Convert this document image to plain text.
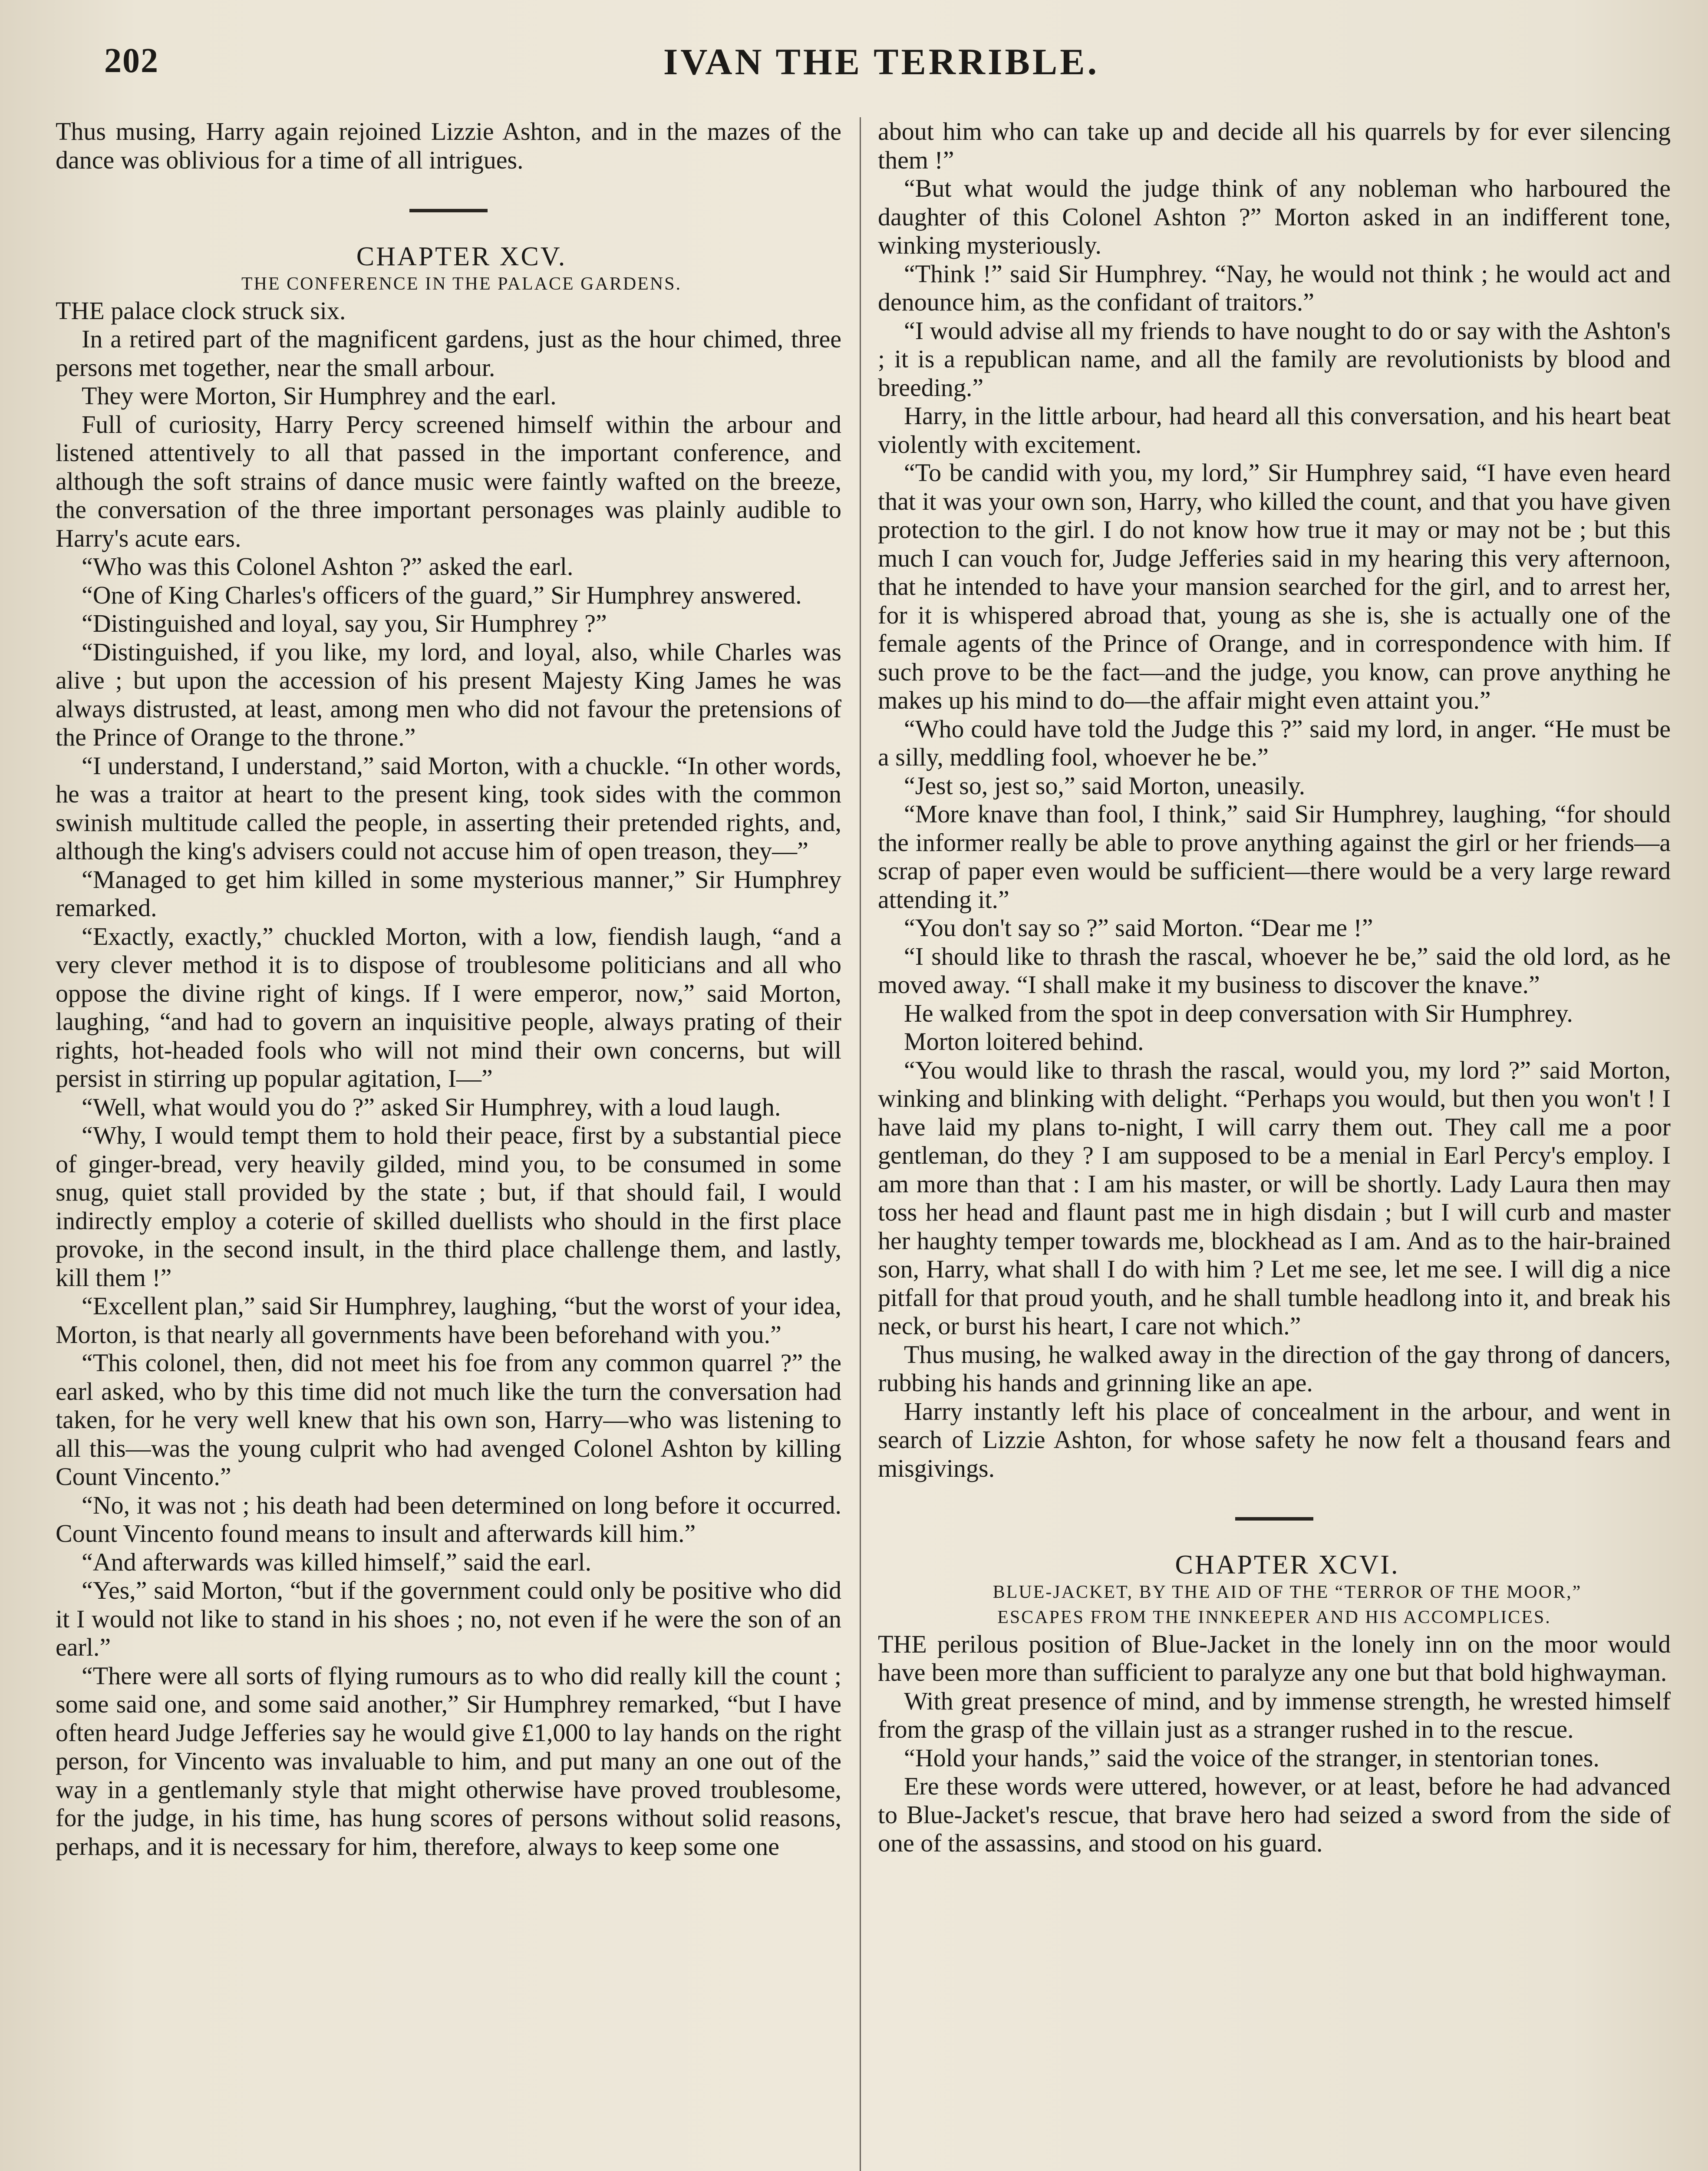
202	IVAN THE TERRIBLE.

Thus musing, Harry again rejoined Lizzie Ashton, and in the mazes of the dance was oblivious for a time of all intrigues.

CHAPTER XCV.

THE CONFERENCE IN THE PALACE GARDENS.

THE palace clock struck six.

In a retired part of the magnificent gardens, just as the hour chimed, three persons met together, near the small arbour.

They were Morton, Sir Humphrey and the earl.

Full of curiosity, Harry Percy screened himself within the arbour and listened attentively to all that passed in the important conference, and although the soft strains of dance music were faintly wafted on the breeze, the conversation of the three important personages was plainly audible to Harry's acute ears.

“Who was this Colonel Ashton ?” asked the earl.

“One of King Charles's officers of the guard,” Sir Humphrey answered.

“Distinguished and loyal, say you, Sir Humphrey ?”

“Distinguished, if you like, my lord, and loyal, also, while Charles was alive ; but upon the accession of his present Majesty King James he was always distrusted, at least, among men who did not favour the pretensions of the Prince of Orange to the throne.”

“I understand, I understand,” said Morton, with a chuckle. “In other words, he was a traitor at heart to the present king, took sides with the common swinish multitude called the people, in asserting their pretended rights, and, although the king's advisers could not accuse him of open treason, they—”

“Managed to get him killed in some mysterious manner,” Sir Humphrey remarked.

“Exactly, exactly,” chuckled Morton, with a low, fiendish laugh, “and a very clever method it is to dispose of troublesome politicians and all who oppose the divine right of kings. If I were emperor, now,” said Morton, laughing, “and had to govern an inquisitive people, always prating of their rights, hot-headed fools who will not mind their own concerns, but will persist in stirring up popular agitation, I—”

“Well, what would you do ?” asked Sir Humphrey, with a loud laugh.

“Why, I would tempt them to hold their peace, first by a substantial piece of ginger-bread, very heavily gilded, mind you, to be consumed in some snug, quiet stall provided by the state ; but, if that should fail, I would indirectly employ a coterie of skilled duellists who should in the first place provoke, in the second insult, in the third place challenge them, and lastly, kill them !”

“Excellent plan,” said Sir Humphrey, laughing, “but the worst of your idea, Morton, is that nearly all governments have been beforehand with you.”

“This colonel, then, did not meet his foe from any common quarrel ?” the earl asked, who by this time did not much like the turn the conversation had taken, for he very well knew that his own son, Harry—who was listening to all this—was the young culprit who had avenged Colonel Ashton by killing Count Vincento.”

“No, it was not ; his death had been determined on long before it occurred. Count Vincento found means to insult and afterwards kill him.”

“And afterwards was killed himself,” said the earl.

“Yes,” said Morton, “but if the government could only be positive who did it I would not like to stand in his shoes ; no, not even if he were the son of an earl.”

“There were all sorts of flying rumours as to who did really kill the count ; some said one, and some said another,” Sir Humphrey remarked, “but I have often heard Judge Jefferies say he would give £1,000 to lay hands on the right person, for Vincento was invaluable to him, and put many an one out of the way in a gentlemanly style that might otherwise have proved troublesome, for the judge, in his time, has hung scores of persons without solid reasons, perhaps, and it is necessary for him, therefore, always to keep some one

about him who can take up and decide all his quarrels by for ever silencing them !”

“But what would the judge think of any nobleman who harboured the daughter of this Colonel Ashton ?” Morton asked in an indifferent tone, winking mysteriously.

“Think !” said Sir Humphrey. “Nay, he would not think ; he would act and denounce him, as the confidant of traitors.”

“I would advise all my friends to have nought to do or say with the Ashton's ; it is a republican name, and all the family are revolutionists by blood and breeding.”

Harry, in the little arbour, had heard all this conversation, and his heart beat violently with excitement.

“To be candid with you, my lord,” Sir Humphrey said, “I have even heard that it was your own son, Harry, who killed the count, and that you have given protection to the girl. I do not know how true it may or may not be ; but this much I can vouch for, Judge Jefferies said in my hearing this very afternoon, that he intended to have your mansion searched for the girl, and to arrest her, for it is whispered abroad that, young as she is, she is actually one of the female agents of the Prince of Orange, and in correspondence with him. If such prove to be the fact—and the judge, you know, can prove anything he makes up his mind to do—the affair might even attaint you.”

“Who could have told the Judge this ?” said my lord, in anger. “He must be a silly, meddling fool, whoever he be.”

“Jest so, jest so,” said Morton, uneasily.

“More knave than fool, I think,” said Sir Humphrey, laughing, “for should the informer really be able to prove anything against the girl or her friends—a scrap of paper even would be sufficient—there would be a very large reward attending it.”

“You don't say so ?” said Morton. “Dear me !”

“I should like to thrash the rascal, whoever he be,” said the old lord, as he moved away. “I shall make it my business to discover the knave.”

He walked from the spot in deep conversation with Sir Humphrey.

Morton loitered behind.

“You would like to thrash the rascal, would you, my lord ?” said Morton, winking and blinking with delight. “Perhaps you would, but then you won't ! I have laid my plans to-night, I will carry them out. They call me a poor gentleman, do they ? I am supposed to be a menial in Earl Percy's employ. I am more than that : I am his master, or will be shortly. Lady Laura then may toss her head and flaunt past me in high disdain ; but I will curb and master her haughty temper towards me, blockhead as I am. And as to the hair-brained son, Harry, what shall I do with him ? Let me see, let me see. I will dig a nice pitfall for that proud youth, and he shall tumble headlong into it, and break his neck, or burst his heart, I care not which.”

Thus musing, he walked away in the direction of the gay throng of dancers, rubbing his hands and grinning like an ape.

Harry instantly left his place of concealment in the arbour, and went in search of Lizzie Ashton, for whose safety he now felt a thousand fears and misgivings.

CHAPTER XCVI.

BLUE-JACKET, BY THE AID OF THE “TERROR OF THE MOOR,”
ESCAPES FROM THE INNKEEPER AND HIS ACCOMPLICES.

THE perilous position of Blue-Jacket in the lonely inn on the moor would have been more than sufficient to paralyze any one but that bold highwayman.

With great presence of mind, and by immense strength, he wrested himself from the grasp of the villain just as a stranger rushed in to the rescue.

“Hold your hands,” said the voice of the stranger, in stentorian tones.

Ere these words were uttered, however, or at least, before he had advanced to Blue-Jacket's rescue, that brave hero had seized a sword from the side of one of the assassins, and stood on his guard.
